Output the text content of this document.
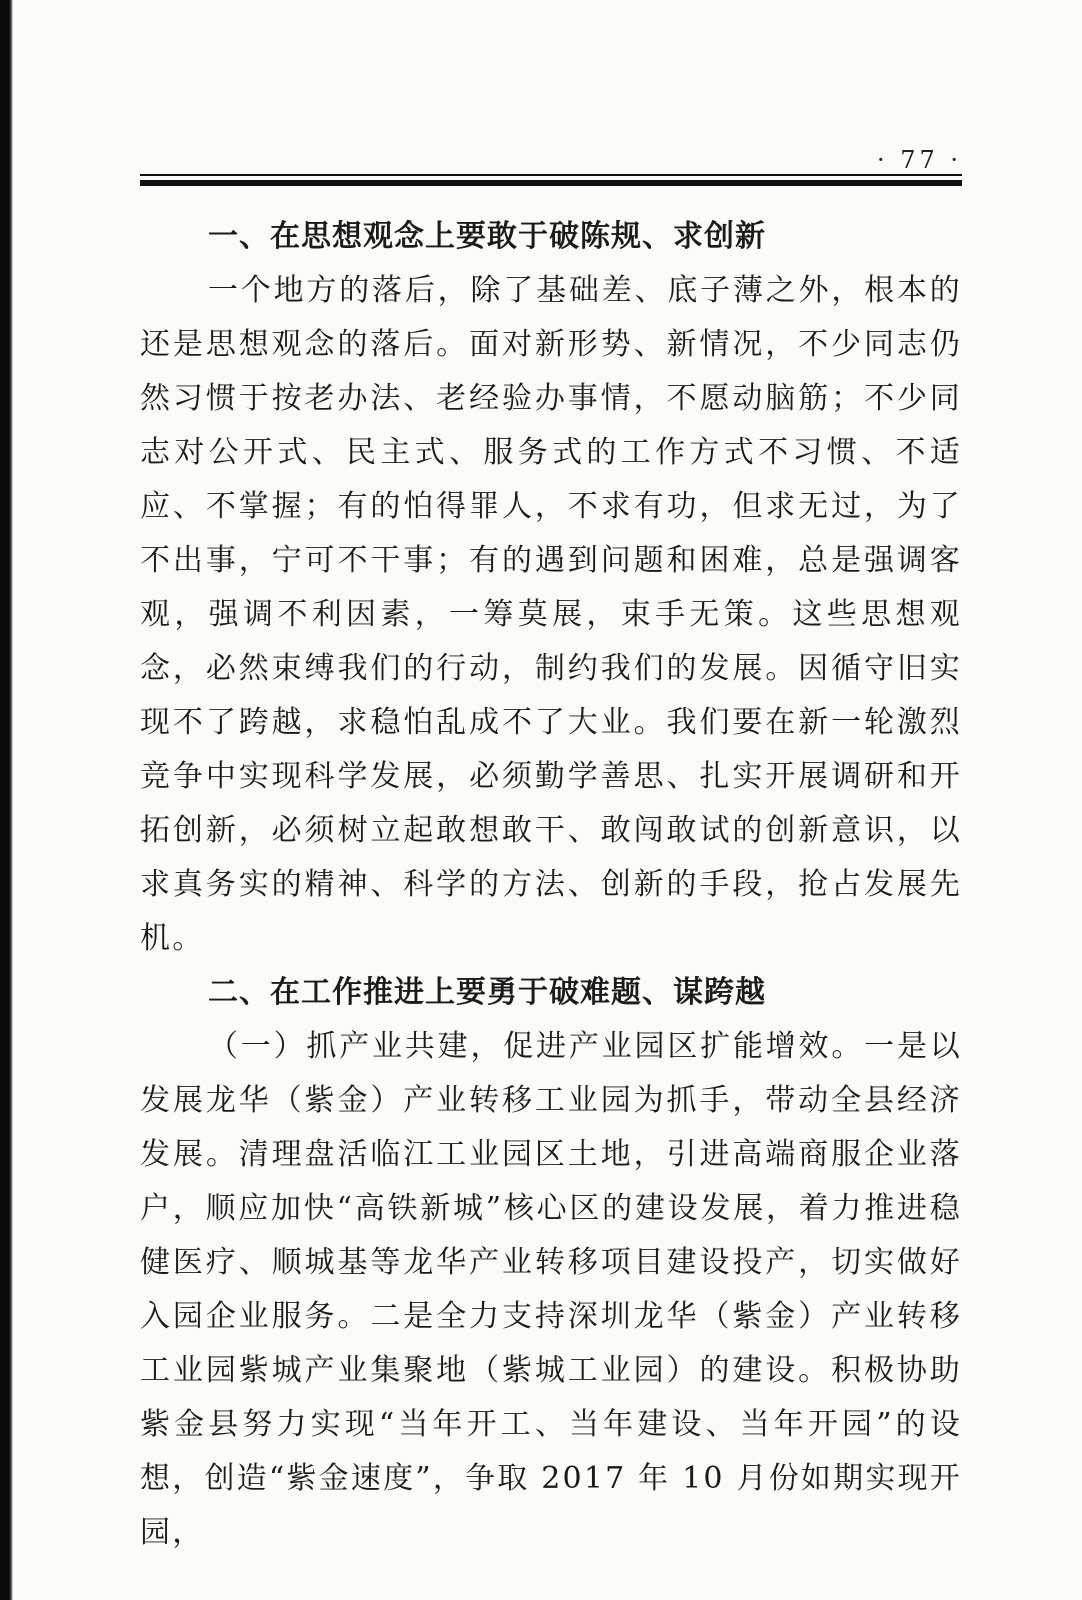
· 77 ·
一、在思想观念上要敢于破陈规、求创新

一个地方的落后，除了基础差、底子薄之外，根本的还是思想观念的落后。面对新形势、新情况，不少同志仍然习惯于按老办法、老经验办事情，不愿动脑筋；不少同志对公开式、民主式、服务式的工作方式不习惯、不适应、不掌握；有的怕得罪人，不求有功，但求无过，为了不出事，宁可不干事；有的遇到问题和困难，总是强调客观，强调不利因素，一筹莫展，束手无策。这些思想观念，必然束缚我们的行动，制约我们的发展。因循守旧实现不了跨越，求稳怕乱成不了大业。我们要在新一轮激烈竞争中实现科学发展，必须勤学善思、扎实开展调研和开拓创新，必须树立起敢想敢干、敢闯敢试的创新意识，以求真务实的精神、科学的方法、创新的手段，抢占发展先机。

二、在工作推进上要勇于破难题、谋跨越

（一）抓产业共建，促进产业园区扩能增效。一是以发展龙华（紫金）产业转移工业园为抓手，带动全县经济发展。清理盘活临江工业园区土地，引进高端商服企业落户，顺应加快“高铁新城”核心区的建设发展，着力推进稳健医疗、顺城基等龙华产业转移项目建设投产，切实做好入园企业服务。二是全力支持深圳龙华（紫金）产业转移工业园紫城产业集聚地（紫城工业园）的建设。积极协助紫金县努力实现“当年开工、当年建设、当年开园”的设想，创造“紫金速度”，争取 2017 年 10 月份如期实现开园，
